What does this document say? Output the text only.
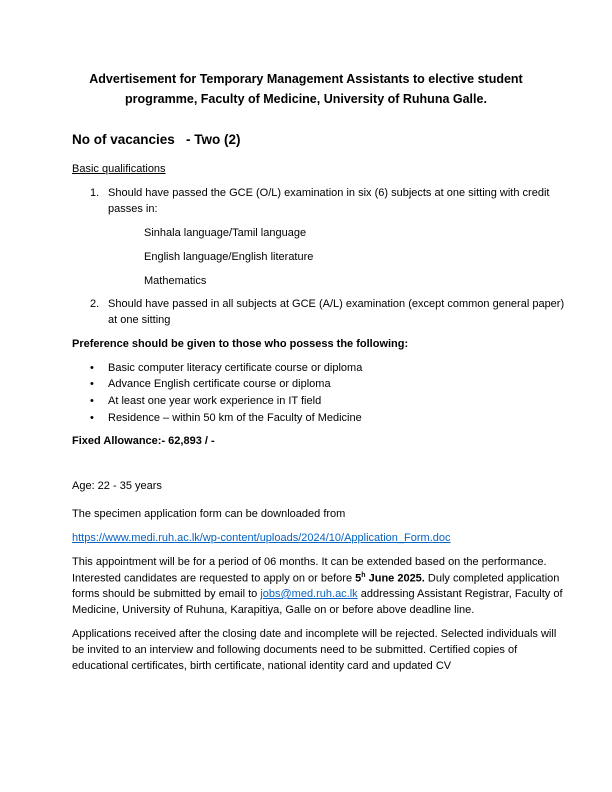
Advertisement for Temporary Management Assistants to elective student
programme, Faculty of Medicine, University of Ruhuna Galle.
No of vacancies   - Two (2)
Basic qualifications
1. Should have passed the GCE (O/L) examination in six (6) subjects at one sitting with credit
passes in:
Sinhala language/Tamil language
English language/English literature
Mathematics
2. Should have passed in all subjects at GCE (A/L) examination (except common general paper)
at one sitting
Preference should be given to those who possess the following:
• Basic computer literacy certificate course or diploma
• Advance English certificate course or diploma
• At least one year work experience in IT field
• Residence – within 50 km of the Faculty of Medicine
Fixed Allowance:- 62,893 / -
Age: 22 - 35 years
The specimen application form can be downloaded from
https://www.medi.ruh.ac.lk/wp-content/uploads/2024/10/Application_Form.doc
This appointment will be for a period of 06 months. It can be extended based on the performance.
Interested candidates are requested to apply on or before 5$^h$ June 2025. Duly completed application
forms should be submitted by email to jobs@med.ruh.ac.lk addressing Assistant Registrar, Faculty of
Medicine, University of Ruhuna, Karapitiya, Galle on or before above deadline line.
Applications received after the closing date and incomplete will be rejected. Selected individuals will
be invited to an interview and following documents need to be submitted. Certified copies of
educational certificates, birth certificate, national identity card and updated CV
